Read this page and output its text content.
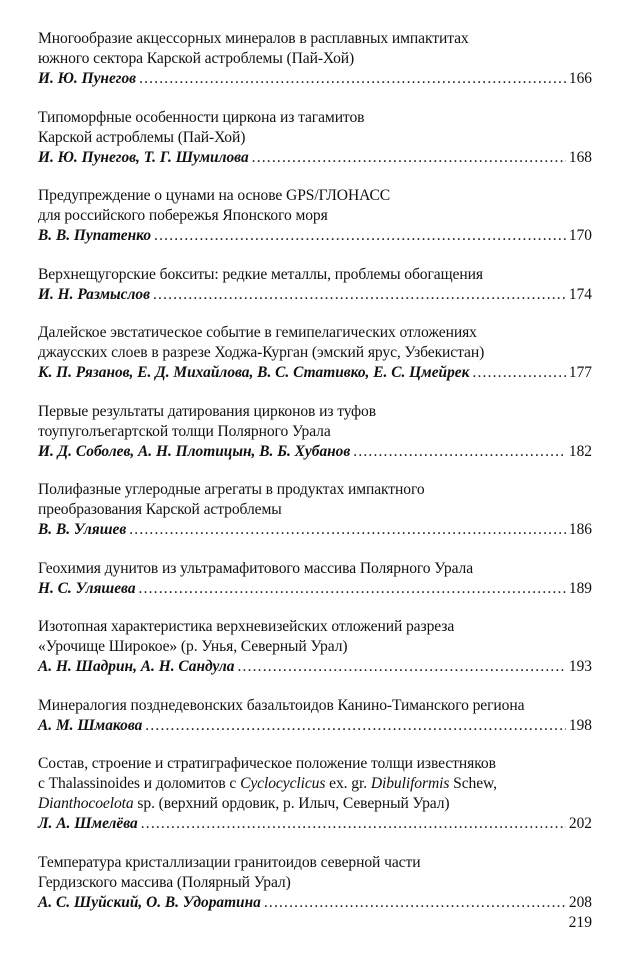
Многообразие акцессорных минералов в расплавных импактитах
южного сектора Карской астроблемы (Пай-Хой)
И. Ю. Пунегов .....	166
Типоморфные особенности циркона из тагамитов
Карской астроблемы (Пай-Хой)
И. Ю. Пунегов, Т. Г. Шумилова .....	168
Предупреждение о цунами на основе GPS/ГЛОНАСС
для российского побережья Японского моря
В. В. Пупатенко .....	170
Верхнещугорские бокситы: редкие металлы, проблемы обогащения
И. Н. Размыслов .....	174
Далейское эвстатическое событие в гемипелагических отложениях
джаусских слоев в разрезе Ходжа-Курган (эмский ярус, Узбекистан)
К. П. Рязанов, Е. Д. Михайлова, В. С. Стативко, Е. С. Цмейрек .....	177
Первые результаты датирования цирконов из туфов
тоупуголъегартской толщи Полярного Урала
И. Д. Соболев, А. Н. Плотицын, В. Б. Хубанов .....	182
Полифазные углеродные агрегаты в продуктах импактного
преобразования Карской астроблемы
В. В. Уляшев .....	186
Геохимия дунитов из ультрамафитового массива Полярного Урала
Н. С. Уляшева .....	189
Изотопная характеристика верхневизейских отложений разреза
«Урочище Широкое» (р. Унья, Северный Урал)
А. Н. Шадрин, А. Н. Сандула .....	193
Минералогия позднедевонских базальтоидов Канино-Тиманского региона
А. М. Шмакова .....	198
Состав, строение и стратиграфическое положение толщи известняков
с Thalassinoides и доломитов с Cyclocyclicus ex. gr. Dibuliformis Schew,
Dianthocoelota sp. (верхний ордовик, р. Илыч, Северный Урал)
Л. А. Шмелёва .....	202
Температура кристаллизации гранитоидов северной части
Гердизского массива (Полярный Урал)
А. С. Шуйский, О. В. Удоратина .....	208
219
